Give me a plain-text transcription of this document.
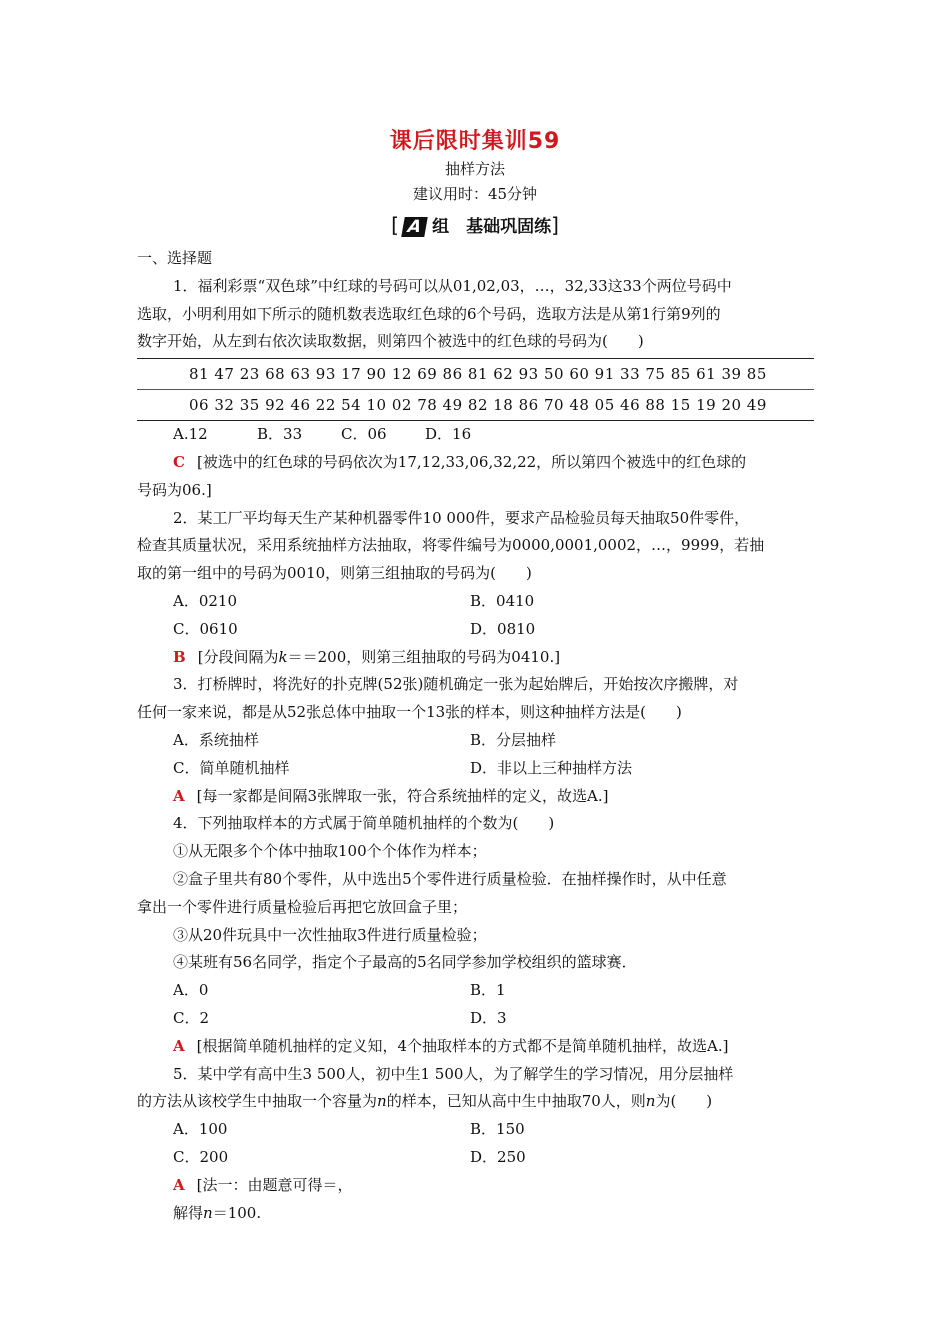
课后限时集训59
抽样方法
建议用时：45分钟
[ A 组　基础巩固练]

一、选择题

1．福利彩票“双色球”中红球的号码可以从01,02,03，…，32,33这33个两位号码中

选取，小明利用如下所示的随机数表选取红色球的6个号码，选取方法是从第1行第9列的

数字开始，从左到右依次读取数据，则第四个被选中的红色球的号码为(　　)

81 47 23 68 63 93 17 90 12 69 86 81 62 93 50 60 91 33 75 85 61 39 85
06 32 35 92 46 22 54 10 02 78 49 82 18 86 70 48 05 46 88 15 19 20 49
A.12	B．33	C．06	D．16

C [被选中的红色球的号码依次为17,12,33,06,32,22，所以第四个被选中的红色球的

号码为06.]

2．某工厂平均每天生产某种机器零件10 000件，要求产品检验员每天抽取50件零件，

检查其质量状况，采用系统抽样方法抽取，将零件编号为0000,0001,0002，…，9999，若抽

取的第一组中的号码为0010，则第三组抽取的号码为(　　)

A．0210	B．0410
C．0610	D．0810

B [分段间隔为k＝＝200，则第三组抽取的号码为0410.]

3．打桥牌时，将洗好的扑克牌(52张)随机确定一张为起始牌后，开始按次序搬牌，对

任何一家来说，都是从52张总体中抽取一个13张的样本，则这种抽样方法是(　　)

A．系统抽样	B．分层抽样
C．简单随机抽样	D．非以上三种抽样方法

A [每一家都是间隔3张牌取一张，符合系统抽样的定义，故选A.]

4．下列抽取样本的方式属于简单随机抽样的个数为(　　)

①从无限多个个体中抽取100个个体作为样本；

②盒子里共有80个零件，从中选出5个零件进行质量检验．在抽样操作时，从中任意

拿出一个零件进行质量检验后再把它放回盒子里；

③从20件玩具中一次性抽取3件进行质量检验；

④某班有56名同学，指定个子最高的5名同学参加学校组织的篮球赛．

A．0	B．1
C．2	D．3

A [根据简单随机抽样的定义知，4个抽取样本的方式都不是简单随机抽样，故选A.]

5．某中学有高中生3 500人，初中生1 500人，为了解学生的学习情况，用分层抽样

的方法从该校学生中抽取一个容量为n的样本，已知从高中生中抽取70人，则n为(　　)

A．100	B．150
C．200	D．250

A [法一：由题意可得＝，

解得n＝100.
